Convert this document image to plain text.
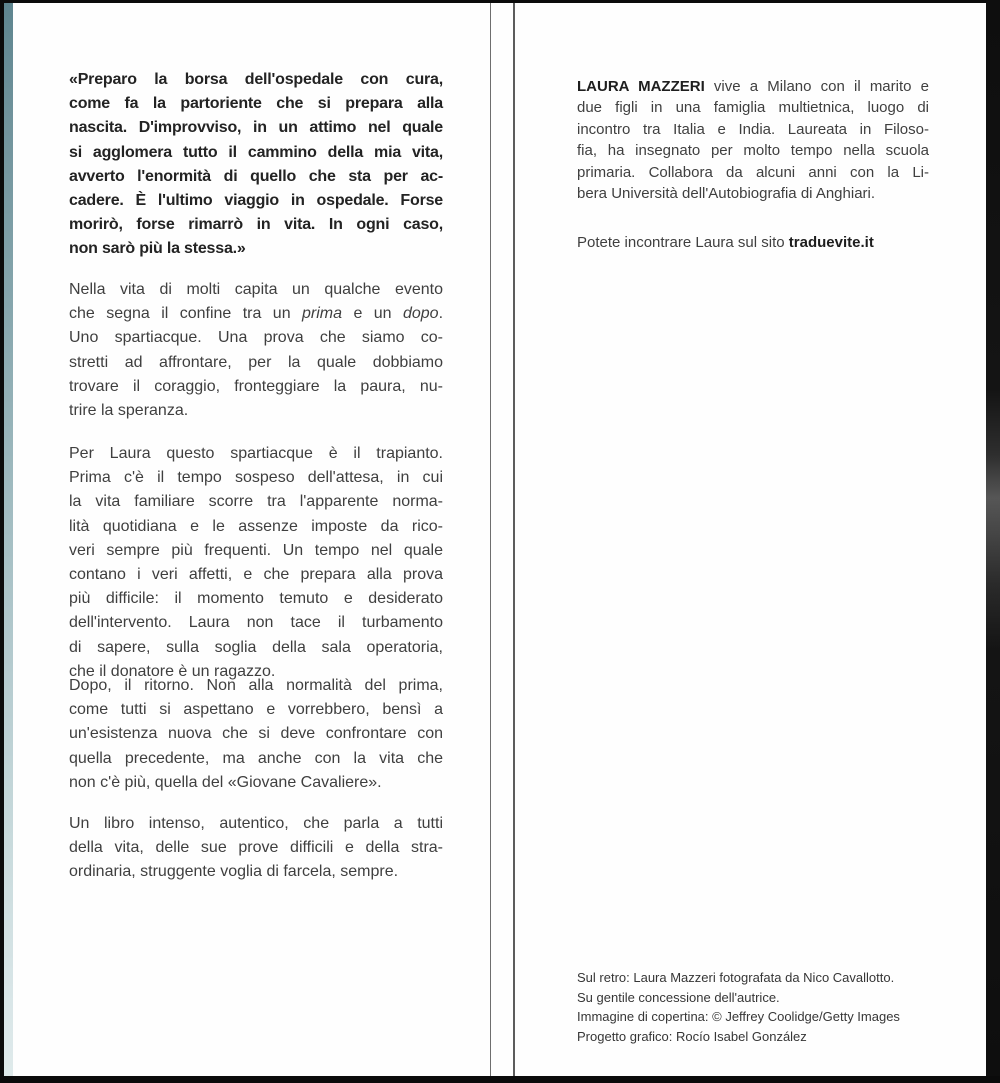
«Preparo la borsa dell'ospedale con cura,
come fa la partoriente che si prepara alla
nascita. D'improvviso, in un attimo nel quale
si agglomera tutto il cammino della mia vita,
avverto l'enormità di quello che sta per ac-
cadere. È l'ultimo viaggio in ospedale. Forse
morirò, forse rimarrò in vita. In ogni caso,
non sarò più la stessa.»
Nella vita di molti capita un qualche evento
che segna il confine tra un prima e un dopo.
Uno spartiacque. Una prova che siamo co-
stretti ad affrontare, per la quale dobbiamo
trovare il coraggio, fronteggiare la paura, nu-
trire la speranza.
Per Laura questo spartiacque è il trapianto.
Prima c'è il tempo sospeso dell'attesa, in cui
la vita familiare scorre tra l'apparente norma-
lità quotidiana e le assenze imposte da rico-
veri sempre più frequenti. Un tempo nel quale
contano i veri affetti, e che prepara alla prova
più difficile: il momento temuto e desiderato
dell'intervento. Laura non tace il turbamento
di sapere, sulla soglia della sala operatoria,
che il donatore è un ragazzo.
Dopo, il ritorno. Non alla normalità del prima,
come tutti si aspettano e vorrebbero, bensì a
un'esistenza nuova che si deve confrontare con
quella precedente, ma anche con la vita che
non c'è più, quella del «Giovane Cavaliere».
Un libro intenso, autentico, che parla a tutti
della vita, delle sue prove difficili e della stra-
ordinaria, struggente voglia di farcela, sempre.
LAURA MAZZERI vive a Milano con il marito e
due figli in una famiglia multietnica, luogo di
incontro tra Italia e India. Laureata in Filoso-
fia, ha insegnato per molto tempo nella scuola
primaria. Collabora da alcuni anni con la Li-
bera Università dell'Autobiografia di Anghiari.
Potete incontrare Laura sul sito traduevite.it
Sul retro: Laura Mazzeri fotografata da Nico Cavallotto.
Su gentile concessione dell'autrice.
Immagine di copertina: © Jeffrey Coolidge/Getty Images
Progetto grafico: Rocío Isabel González
